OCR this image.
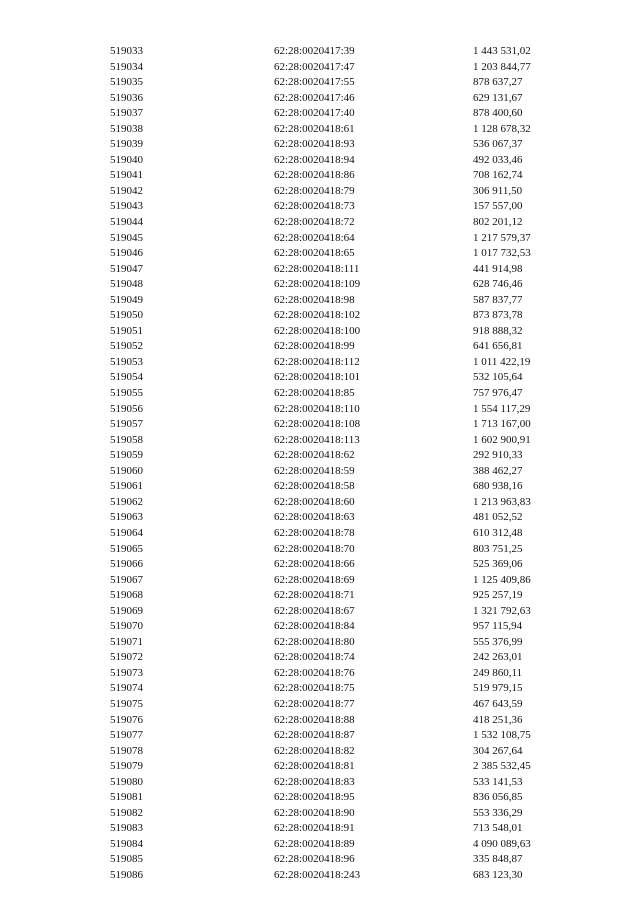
519033	62:28:0020417:39	1 443 531,02
519034	62:28:0020417:47	1 203 844,77
519035	62:28:0020417:55	878 637,27
519036	62:28:0020417:46	629 131,67
519037	62:28:0020417:40	878 400,60
519038	62:28:0020418:61	1 128 678,32
519039	62:28:0020418:93	536 067,37
519040	62:28:0020418:94	492 033,46
519041	62:28:0020418:86	708 162,74
519042	62:28:0020418:79	306 911,50
519043	62:28:0020418:73	157 557,00
519044	62:28:0020418:72	802 201,12
519045	62:28:0020418:64	1 217 579,37
519046	62:28:0020418:65	1 017 732,53
519047	62:28:0020418:111	441 914,98
519048	62:28:0020418:109	628 746,46
519049	62:28:0020418:98	587 837,77
519050	62:28:0020418:102	873 873,78
519051	62:28:0020418:100	918 888,32
519052	62:28:0020418:99	641 656,81
519053	62:28:0020418:112	1 011 422,19
519054	62:28:0020418:101	532 105,64
519055	62:28:0020418:85	757 976,47
519056	62:28:0020418:110	1 554 117,29
519057	62:28:0020418:108	1 713 167,00
519058	62:28:0020418:113	1 602 900,91
519059	62:28:0020418:62	292 910,33
519060	62:28:0020418:59	388 462,27
519061	62:28:0020418:58	680 938,16
519062	62:28:0020418:60	1 213 963,83
519063	62:28:0020418:63	481 052,52
519064	62:28:0020418:78	610 312,48
519065	62:28:0020418:70	803 751,25
519066	62:28:0020418:66	525 369,06
519067	62:28:0020418:69	1 125 409,86
519068	62:28:0020418:71	925 257,19
519069	62:28:0020418:67	1 321 792,63
519070	62:28:0020418:84	957 115,94
519071	62:28:0020418:80	555 376,99
519072	62:28:0020418:74	242 263,01
519073	62:28:0020418:76	249 860,11
519074	62:28:0020418:75	519 979,15
519075	62:28:0020418:77	467 643,59
519076	62:28:0020418:88	418 251,36
519077	62:28:0020418:87	1 532 108,75
519078	62:28:0020418:82	304 267,64
519079	62:28:0020418:81	2 385 532,45
519080	62:28:0020418:83	533 141,53
519081	62:28:0020418:95	836 056,85
519082	62:28:0020418:90	553 336,29
519083	62:28:0020418:91	713 548,01
519084	62:28:0020418:89	4 090 089,63
519085	62:28:0020418:96	335 848,87
519086	62:28:0020418:243	683 123,30
